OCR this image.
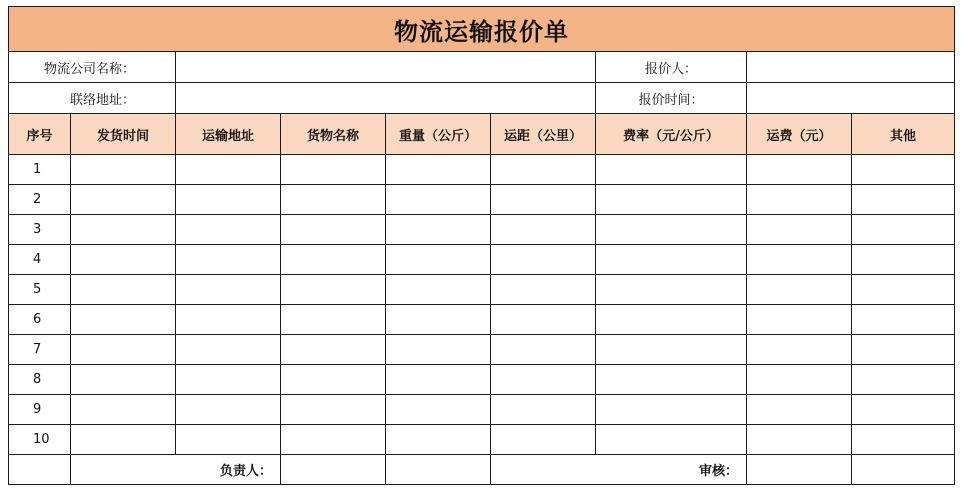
物流运输报价单								
物流公司名称：						报价人：		
联络地址：						报价时间：		
序号	发货时间	运输地址	货物名称	重量（公斤）	运距（公里）	费率（元/公斤）	运费（元）	其他
1								
2								
3								
4								
5								
6								
7								
8								
9								
10								
	负责人：				审核：			
